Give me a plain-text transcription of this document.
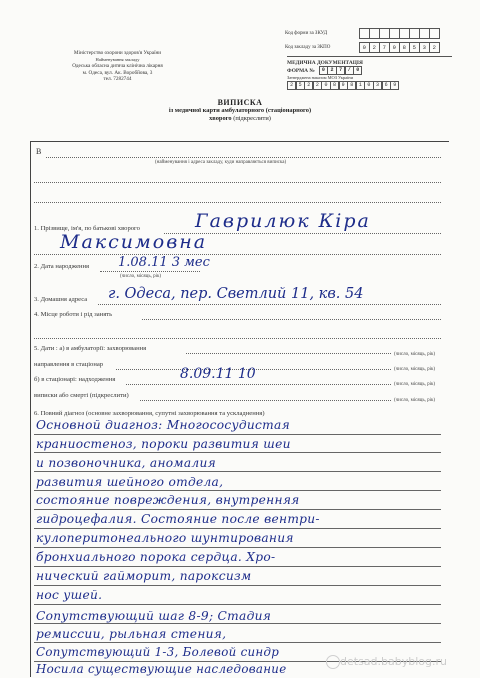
Міністерство охорони здоров'я України
Найменування закладу
Одеська обласна дитяча клінічна лікарня
м. Одеса, вул. Ак. Воробйова, 3
тел. 7282744
Код форми за ЗКУД
Код закладу за ЗКПО	0	2	7	9	8	5	3	2
МЕДИЧНА ДОКУМЕНТАЦІЯ
ФОРМА №	0	2	7	/	0
Затверджена наказом МОЗ України
2	5	2	2	0	8	9	8	1	0	3	6	9
ВИПИСКА
із медичної карти амбулаторного (стаціонарного)
хворого (підкреслити)
В
(найменування і адреса закладу, куди направляється виписка)
1. Прізвище, ім'я, по батькові хворого	Гаврилюк Кіра
Максимовна
2. Дата народження 1.08.11 3 мес
(число, місяць, рік)
3. Домашня адреса г. Одеса, пер. Светлий 11, кв. 54
4. Місце роботи і рід занять
5. Дати : а) в амбулаторії: захворювання
(число, місяць, рік)
направлення в стаціонар
(число, місяць, рік)
б) в стаціонарі: надходження	8.09.11 10
(число, місяць, рік)
виписки або смерті (підкреслити)
(число, місяць, рік)
6. Повний діагноз (основне захворювання, супутні захворювання та ускладнення)
Основной диагноз: Многососудистая
краниостеноз, пороки развития шеи
и позвоночника, аномалия
развития шейного отдела,
состояние повреждения, внутренняя
гидроцефалия. Состояние после вентри-
кулоперитонеального шунтирования
бронхиального порока сердца. Хро-
нический гайморит, пароксизм
нос ушей.
Сопутствующий шаг 8-9; Стадия
ремиссии, рыльная стения,
Сопутствующий 1-3, Болевой синдр
Носила существующие наследование
detsad.babyblog.ru
